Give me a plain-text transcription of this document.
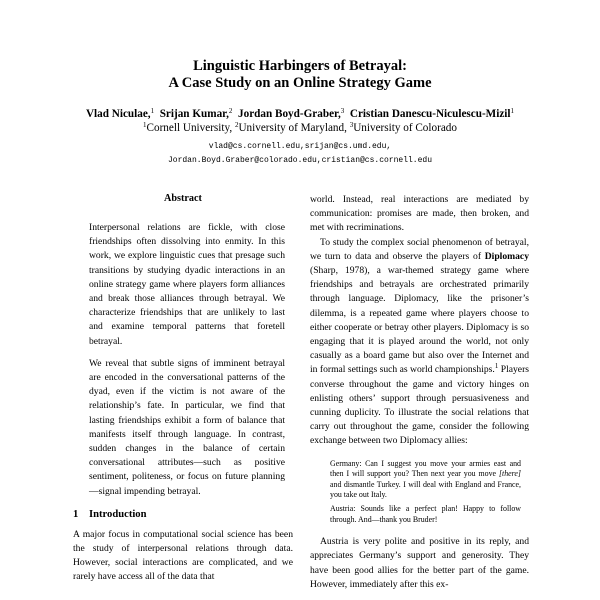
Linguistic Harbingers of Betrayal:
A Case Study on an Online Strategy Game
Vlad Niculae,$^1$ Srijan Kumar,$^2$ Jordan Boyd-Graber,$^3$ Cristian Danescu-Niculescu-Mizil$^1$
$^1$Cornell University, $^2$University of Maryland, $^3$University of Colorado
vlad@cs.cornell.edu,srijan@cs.umd.edu,
Jordan.Boyd.Graber@colorado.edu,cristian@cs.cornell.edu
Abstract

Interpersonal relations are fickle, with close friendships often dissolving into enmity. In this work, we explore linguistic cues that presage such transitions by studying dyadic interactions in an online strategy game where players form alliances and break those alliances through betrayal. We characterize friendships that are unlikely to last and examine temporal patterns that foretell betrayal.

We reveal that subtle signs of imminent betrayal are encoded in the conversational patterns of the dyad, even if the victim is not aware of the relationship’s fate. In particular, we find that lasting friendships exhibit a form of balance that manifests itself through language. In contrast, sudden changes in the balance of certain conversational attributes—such as positive sentiment, politeness, or focus on future planning—signal impending betrayal.

1 Introduction

A major focus in computational social science has been the study of interpersonal relations through data. However, social interactions are complicated, and we rarely have access all of the data that

world. Instead, real interactions are mediated by communication: promises are made, then broken, and met with recriminations.

To study the complex social phenomenon of betrayal, we turn to data and observe the players of Diplomacy (Sharp, 1978), a war-themed strategy game where friendships and betrayals are orchestrated primarily through language. Diplomacy, like the prisoner’s dilemma, is a repeated game where players choose to either cooperate or betray other players. Diplomacy is so engaging that it is played around the world, not only casually as a board game but also over the Internet and in formal settings such as world championships.$^1$ Players converse throughout the game and victory hinges on enlisting others’ support through persuasiveness and cunning duplicity. To illustrate the social relations that carry out throughout the game, consider the following exchange between two Diplomacy allies:

Germany: Can I suggest you move your armies east and then I will support you? Then next year you move [there] and dismantle Turkey. I will deal with England and France, you take out Italy.

Austria: Sounds like a perfect plan! Happy to follow through. And—thank you Bruder!

Austria is very polite and positive in its reply, and appreciates Germany’s support and generosity. They have been good allies for the better part of the game. However, immediately after this ex-
